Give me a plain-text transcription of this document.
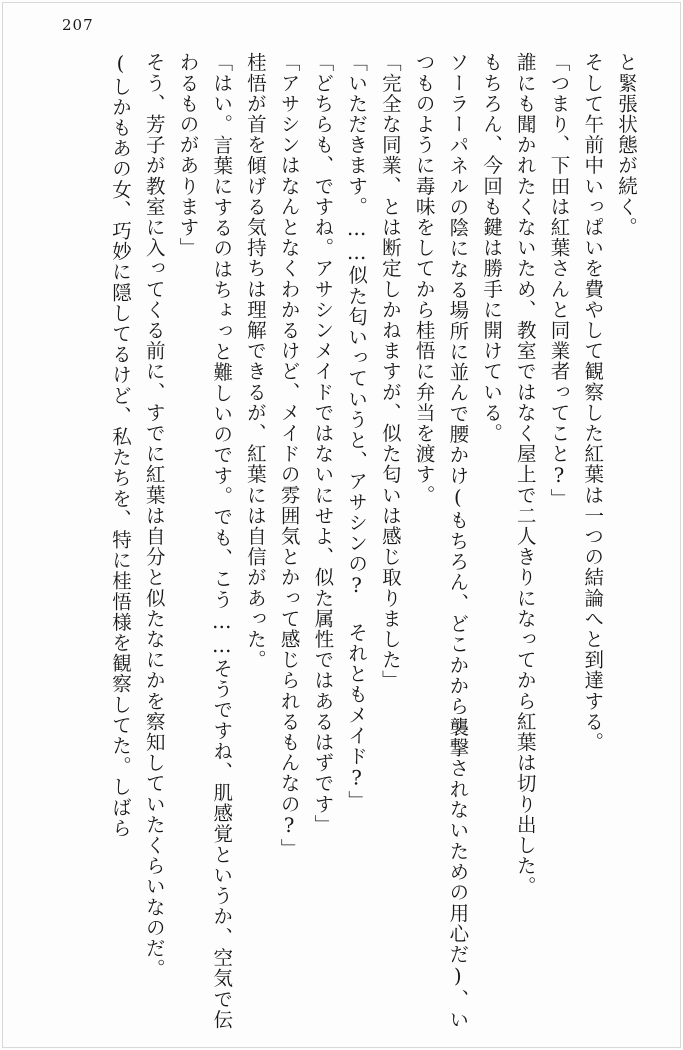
207

と緊張状態が続く。

そして午前中いっぱいを費やして観察した紅葉は一つの結論へと到達する。

「つまり、下田は紅葉さんと同業者ってこと?」

誰にも聞かれたくないため、教室ではなく屋上で二人きりになってから紅葉は切り出した。

もちろん、今回も鍵は勝手に開けている。

ソーラーパネルの陰になる場所に並んで腰かけ(もちろん、どこかから襲撃されないための用心だ)、いつものように毒味をしてから桂悟に弁当を渡す。

「完全な同業、とは断定しかねますが、似た匂いは感じ取りました」

「いただきます。……似た匂いっていうと、アサシンの? それともメイド?」

「どちらも、ですね。アサシンメイドではないにせよ、似た属性ではあるはずです」

「アサシンはなんとなくわかるけど、メイドの雰囲気とかって感じられるもんなの?」

桂悟が首を傾げる気持ちは理解できるが、紅葉には自信があった。

「はい。言葉にするのはちょっと難しいのです。でも、こう……そうですね、肌感覚というか、空気で伝わるものがあります」

そう、芳子が教室に入ってくる前に、すでに紅葉は自分と似たなにかを察知していたくらいなのだ。

(しかもあの女、巧妙に隠してるけど、私たちを、特に桂悟様を観察してた。しばら
